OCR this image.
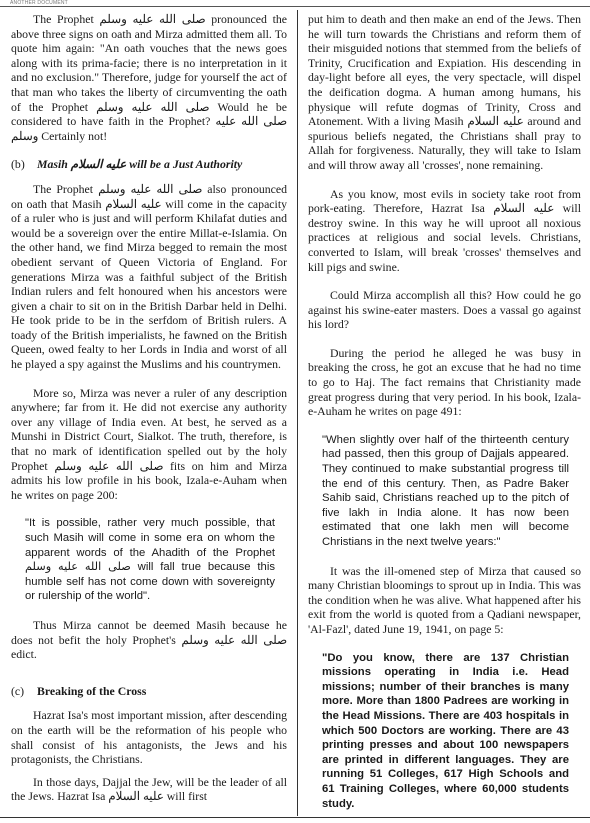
ANOTHER DOCUMENT

The Prophet صلى الله عليه وسلم pronounced the above three signs on oath and Mirza admitted them all. To quote him again: "An oath vouches that the news goes along with its prima-facie; there is no interpretation in it and no exclusion." Therefore, judge for yourself the act of that man who takes the liberty of circumventing the oath of the Prophet صلى الله عليه وسلم Would he be considered to have faith in the Prophet? صلى الله عليه وسلم Certainly not!

(b) Masih عليه السلام will be a Just Authority

The Prophet صلى الله عليه وسلم also pronounced on oath that Masih عليه السلام will come in the capacity of a ruler who is just and will perform Khilafat duties and would be a sovereign over the entire Millat-e-Islamia. On the other hand, we find Mirza begged to remain the most obedient servant of Queen Victoria of England. For generations Mirza was a faithful subject of the British Indian rulers and felt honoured when his ancestors were given a chair to sit on in the British Darbar held in Delhi. He took pride to be in the serfdom of British rulers. A toady of the British imperialists, he fawned on the British Queen, owed fealty to her Lords in India and worst of all he played a spy against the Muslims and his countrymen.

More so, Mirza was never a ruler of any description anywhere; far from it. He did not exercise any authority over any village of India even. At best, he served as a Munshi in District Court, Sialkot. The truth, therefore, is that no mark of identification spelled out by the holy Prophet صلى الله عليه وسلم fits on him and Mirza admits his low profile in his book, Izala-e-Auham when he writes on page 200:

"It is possible, rather very much possible, that such Masih will come in some era on whom the apparent words of the Ahadith of the Prophet صلى الله عليه وسلم will fall true because this humble self has not come down with sovereignty or rulership of the world".

Thus Mirza cannot be deemed Masih because he does not befit the holy Prophet's صلى الله عليه وسلم edict.

(c) Breaking of the Cross

Hazrat Isa's most important mission, after descending on the earth will be the reformation of his people who shall consist of his antagonists, the Jews and his protagonists, the Christians.

In those days, Dajjal the Jew, will be the leader of all the Jews. Hazrat Isa عليه السلام will first

put him to death and then make an end of the Jews. Then he will turn towards the Christians and reform them of their misguided notions that stemmed from the beliefs of Trinity, Crucification and Expiation. His descending in day-light before all eyes, the very spectacle, will dispel the deification dogma. A human among humans, his physique will refute dogmas of Trinity, Cross and Atonement. With a living Masih عليه السلام around and spurious beliefs negated, the Christians shall pray to Allah for forgiveness. Naturally, they will take to Islam and will throw away all 'crosses', none remaining.

As you know, most evils in society take root from pork-eating. Therefore, Hazrat Isa عليه السلام will destroy swine. In this way he will uproot all noxious practices at religious and social levels. Christians, converted to Islam, will break 'crosses' themselves and kill pigs and swine.

Could Mirza accomplish all this? How could he go against his swine-eater masters. Does a vassal go against his lord?

During the period he alleged he was busy in breaking the cross, he got an excuse that he had no time to go to Haj. The fact remains that Christianity made great progress during that very period. In his book, Izala-e-Auham he writes on page 491:

"When slightly over half of the thirteenth century had passed, then this group of Dajjals appeared. They continued to make substantial progress till the end of this century. Then, as Padre Baker Sahib said, Christians reached up to the pitch of five lakh in India alone. It has now been estimated that one lakh men will become Christians in the next twelve years:"

It was the ill-omened step of Mirza that caused so many Christian bloomings to sprout up in India. This was the condition when he was alive. What happened after his exit from the world is quoted from a Qadiani newspaper, 'Al-Fazl', dated June 19, 1941, on page 5:

"Do you know, there are 137 Christian missions operating in India i.e. Head missions; number of their branches is many more. More than 1800 Padrees are working in the Head Missions. There are 403 hospitals in which 500 Doctors are working. There are 43 printing presses and about 100 newspapers are printed in different languages. They are running 51 Colleges, 617 High Schools and 61 Training Colleges, where 60,000 students study.
